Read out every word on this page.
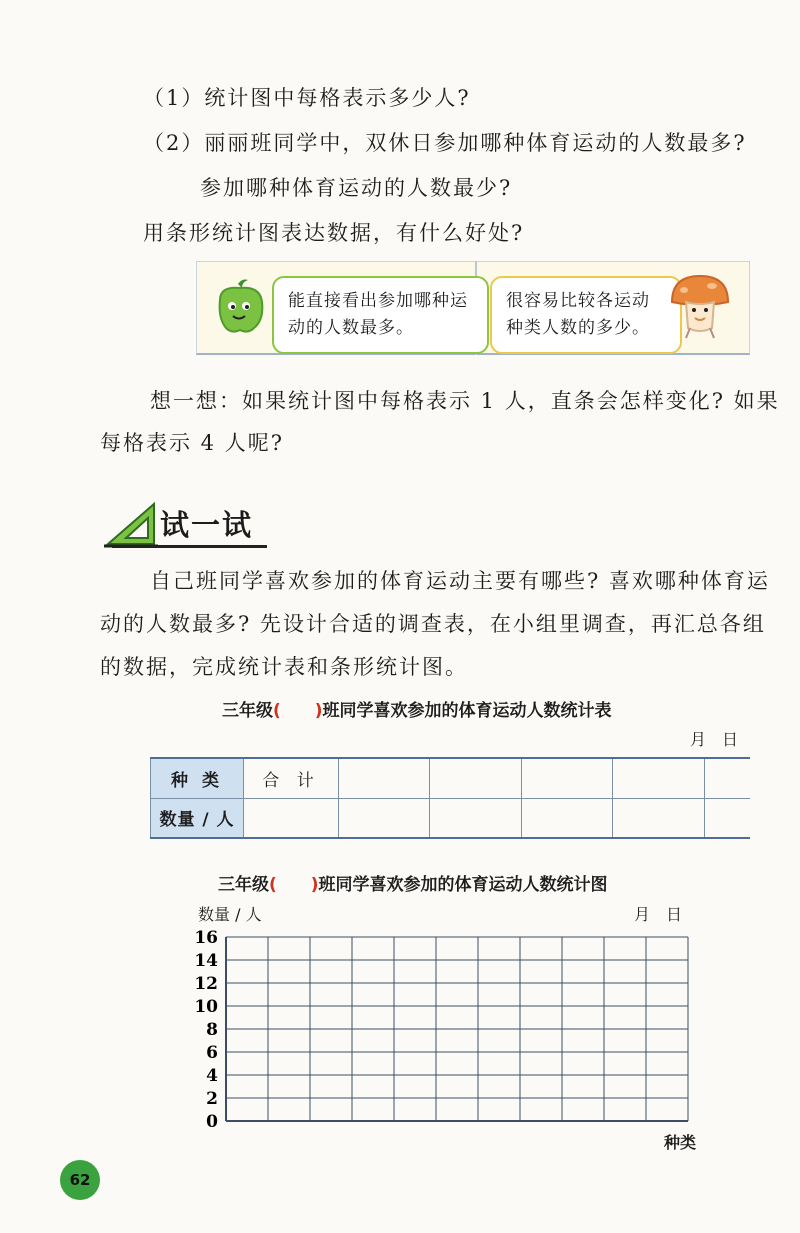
（1）统计图中每格表示多少人?
（2）丽丽班同学中，双休日参加哪种体育运动的人数最多?
参加哪种体育运动的人数最少?
用条形统计图表达数据，有什么好处?
能直接看出参加哪种运动的人数最多。
很容易比较各运动种类人数的多少。
想一想：如果统计图中每格表示 1 人，直条会怎样变化? 如果
每格表示 4 人呢?
试一试
自己班同学喜欢参加的体育运动主要有哪些? 喜欢哪种体育运
动的人数最多? 先设计合适的调查表，在小组里调查，再汇总各组
的数据，完成统计表和条形统计图。
三年级(　　)班同学喜欢参加的体育运动人数统计表
月　日
种 类	合 计					
数量 / 人						
三年级(　　)班同学喜欢参加的体育运动人数统计图
数量 / 人	月　日
种类
0
2
4
6
8
10
12
14
16
62
